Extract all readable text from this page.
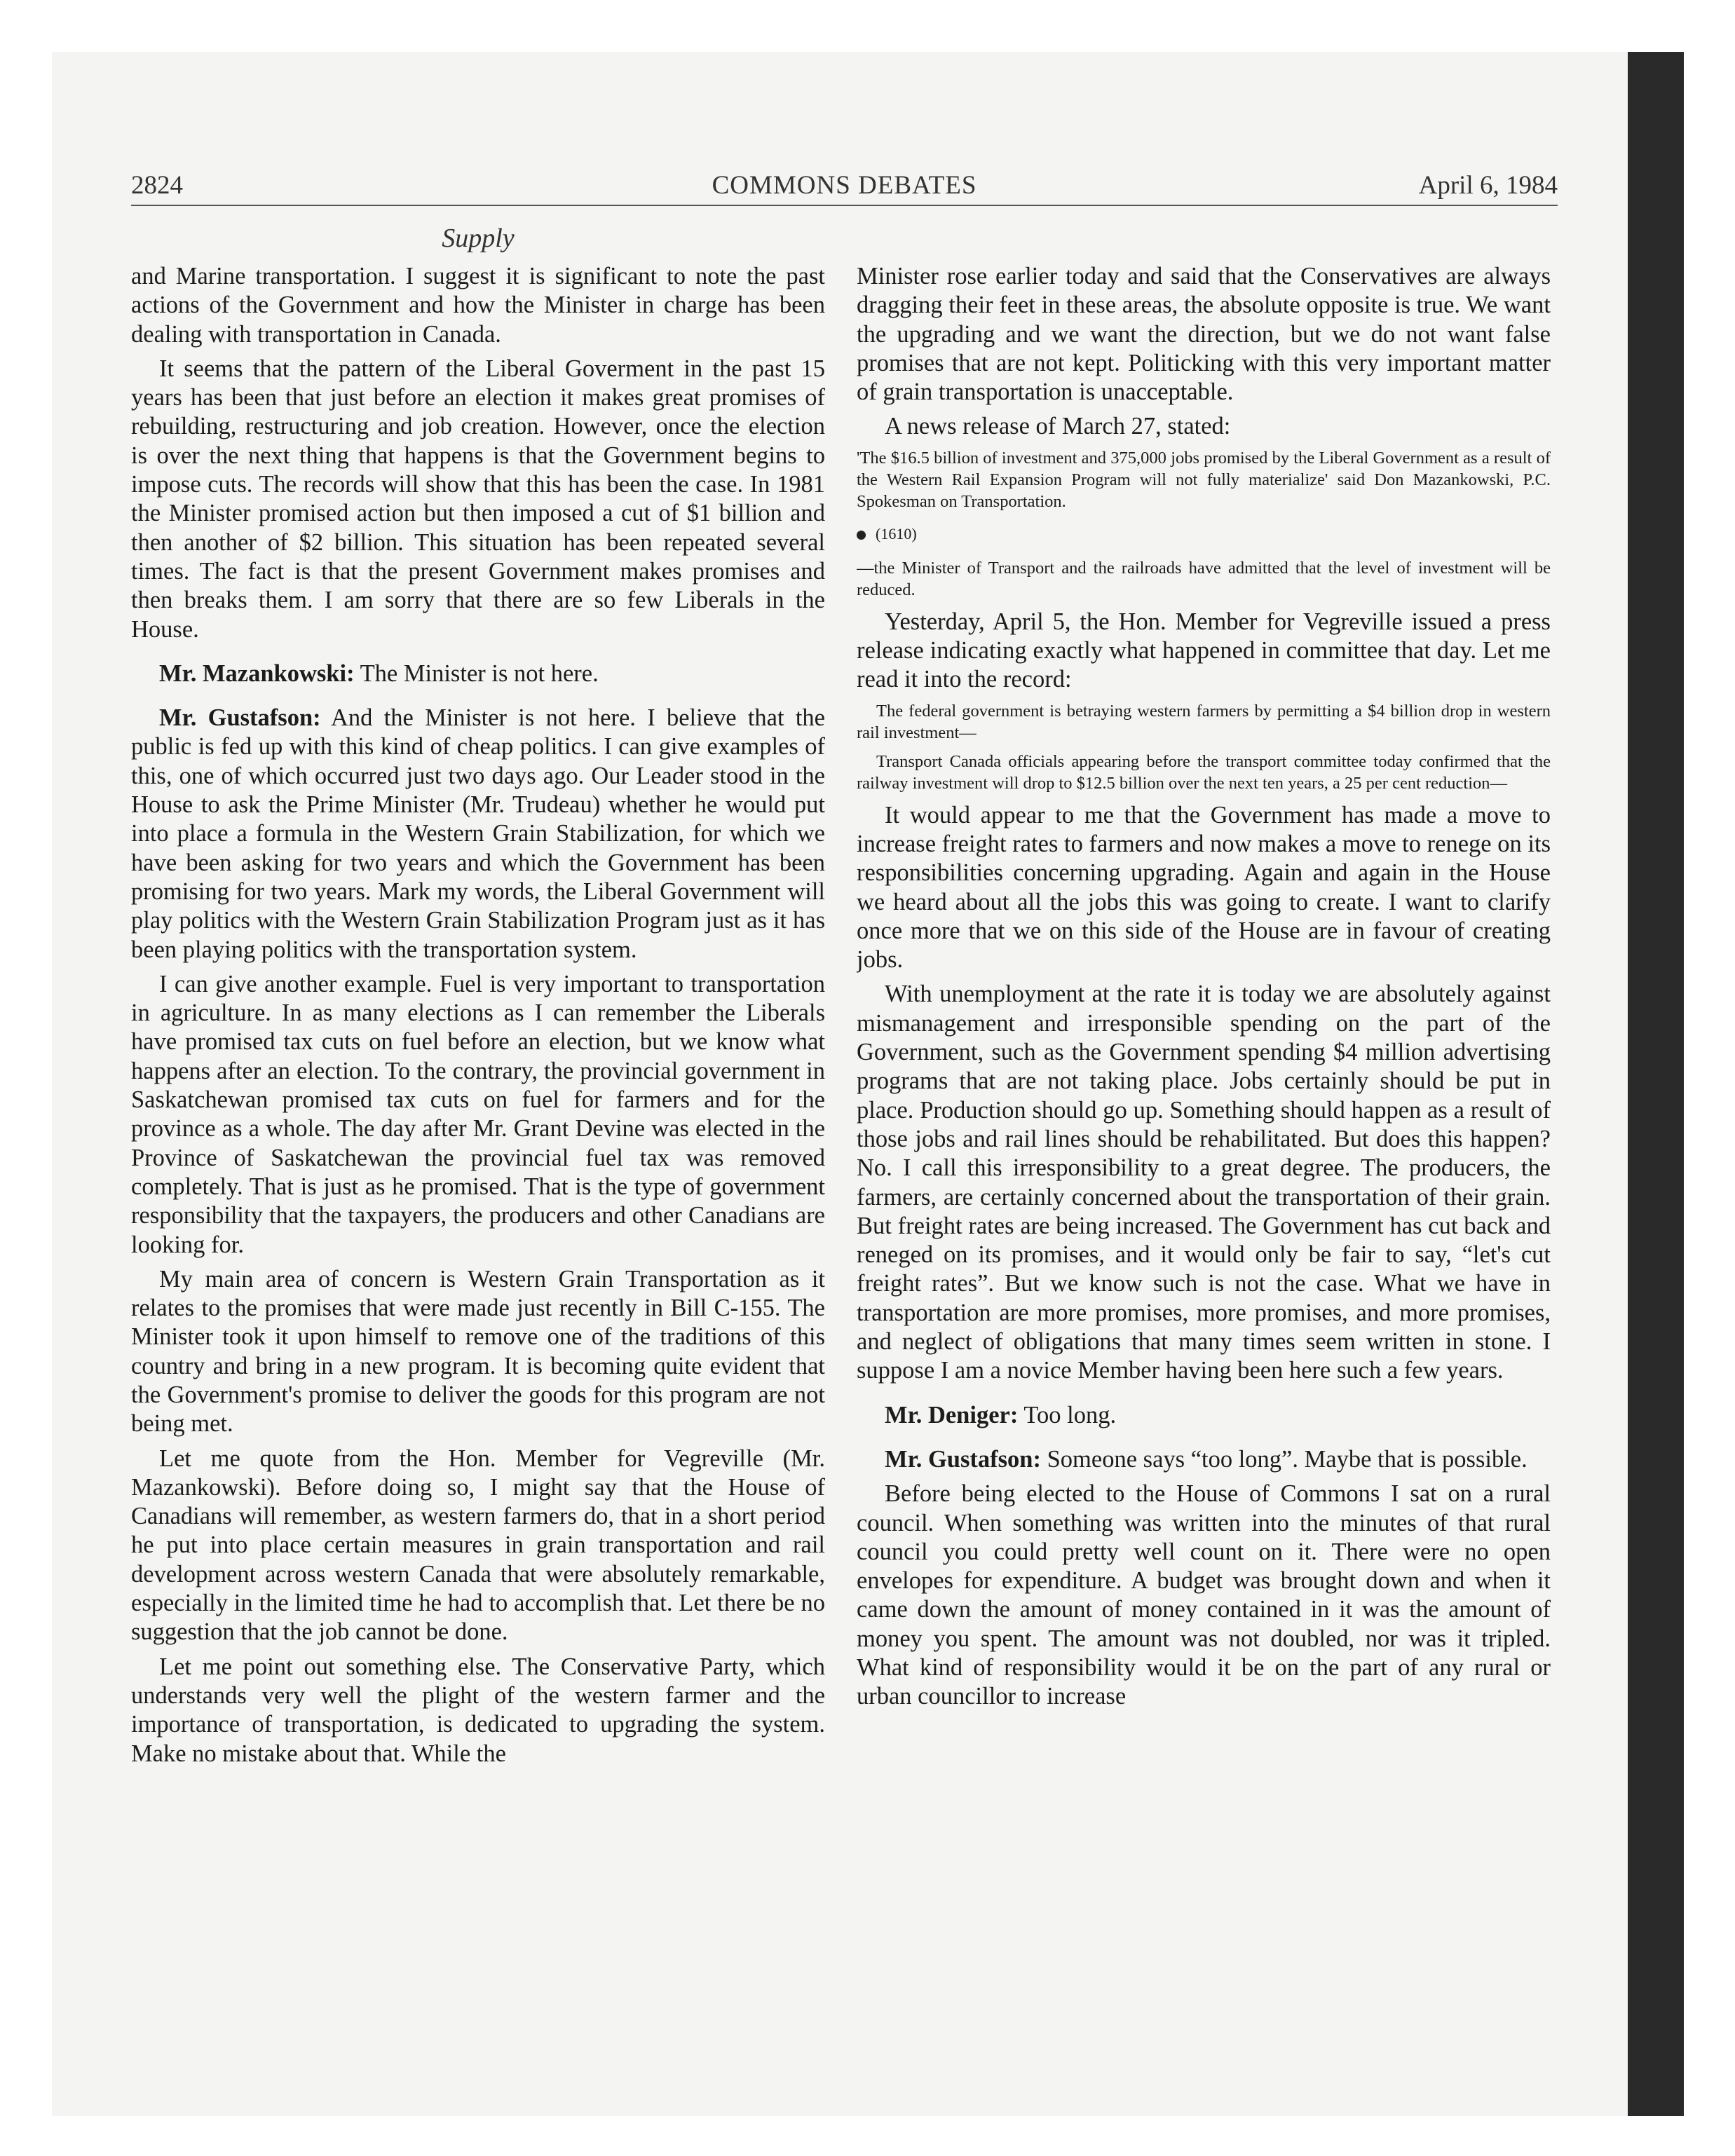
2824	COMMONS DEBATES	April 6, 1984
Supply

and Marine transportation. I suggest it is significant to note the past actions of the Government and how the Minister in charge has been dealing with transportation in Canada.

It seems that the pattern of the Liberal Goverment in the past 15 years has been that just before an election it makes great promises of rebuilding, restructuring and job creation. However, once the election is over the next thing that happens is that the Government begins to impose cuts. The records will show that this has been the case. In 1981 the Minister promised action but then imposed a cut of $1 billion and then another of $2 billion. This situation has been repeated several times. The fact is that the present Government makes promises and then breaks them. I am sorry that there are so few Liberals in the House.

Mr. Mazankowski: The Minister is not here.

Mr. Gustafson: And the Minister is not here. I believe that the public is fed up with this kind of cheap politics. I can give examples of this, one of which occurred just two days ago. Our Leader stood in the House to ask the Prime Minister (Mr. Trudeau) whether he would put into place a formula in the Western Grain Stabilization, for which we have been asking for two years and which the Government has been promising for two years. Mark my words, the Liberal Government will play politics with the Western Grain Stabilization Program just as it has been playing politics with the transportation system.

I can give another example. Fuel is very important to transportation in agriculture. In as many elections as I can remember the Liberals have promised tax cuts on fuel before an election, but we know what happens after an election. To the contrary, the provincial government in Saskatchewan promised tax cuts on fuel for farmers and for the province as a whole. The day after Mr. Grant Devine was elected in the Province of Saskatchewan the provincial fuel tax was removed completely. That is just as he promised. That is the type of government responsibility that the taxpayers, the producers and other Canadians are looking for.

My main area of concern is Western Grain Transportation as it relates to the promises that were made just recently in Bill C-155. The Minister took it upon himself to remove one of the traditions of this country and bring in a new program. It is becoming quite evident that the Government's promise to deliver the goods for this program are not being met.

Let me quote from the Hon. Member for Vegreville (Mr. Mazankowski). Before doing so, I might say that the House of Canadians will remember, as western farmers do, that in a short period he put into place certain measures in grain transportation and rail development across western Canada that were absolutely remarkable, especially in the limited time he had to accomplish that. Let there be no suggestion that the job cannot be done.

Let me point out something else. The Conservative Party, which understands very well the plight of the western farmer and the importance of transportation, is dedicated to upgrading the system. Make no mistake about that. While the

Minister rose earlier today and said that the Conservatives are always dragging their feet in these areas, the absolute opposite is true. We want the upgrading and we want the direction, but we do not want false promises that are not kept. Politicking with this very important matter of grain transportation is unacceptable.

A news release of March 27, stated:

'The $16.5 billion of investment and 375,000 jobs promised by the Liberal Government as a result of the Western Rail Expansion Program will not fully materialize' said Don Mazankowski, P.C. Spokesman on Transportation.

(1610)

—the Minister of Transport and the railroads have admitted that the level of investment will be reduced.

Yesterday, April 5, the Hon. Member for Vegreville issued a press release indicating exactly what happened in committee that day. Let me read it into the record:

The federal government is betraying western farmers by permitting a $4 billion drop in western rail investment—

Transport Canada officials appearing before the transport committee today confirmed that the railway investment will drop to $12.5 billion over the next ten years, a 25 per cent reduction—

It would appear to me that the Government has made a move to increase freight rates to farmers and now makes a move to renege on its responsibilities concerning upgrading. Again and again in the House we heard about all the jobs this was going to create. I want to clarify once more that we on this side of the House are in favour of creating jobs.

With unemployment at the rate it is today we are absolutely against mismanagement and irresponsible spending on the part of the Government, such as the Government spending $4 million advertising programs that are not taking place. Jobs certainly should be put in place. Production should go up. Something should happen as a result of those jobs and rail lines should be rehabilitated. But does this happen? No. I call this irresponsibility to a great degree. The producers, the farmers, are certainly concerned about the transportation of their grain. But freight rates are being increased. The Government has cut back and reneged on its promises, and it would only be fair to say, “let's cut freight rates”. But we know such is not the case. What we have in transportation are more promises, more promises, and more promises, and neglect of obligations that many times seem written in stone. I suppose I am a novice Member having been here such a few years.

Mr. Deniger: Too long.

Mr. Gustafson: Someone says “too long”. Maybe that is possible.

Before being elected to the House of Commons I sat on a rural council. When something was written into the minutes of that rural council you could pretty well count on it. There were no open envelopes for expenditure. A budget was brought down and when it came down the amount of money contained in it was the amount of money you spent. The amount was not doubled, nor was it tripled. What kind of responsibility would it be on the part of any rural or urban councillor to increase
